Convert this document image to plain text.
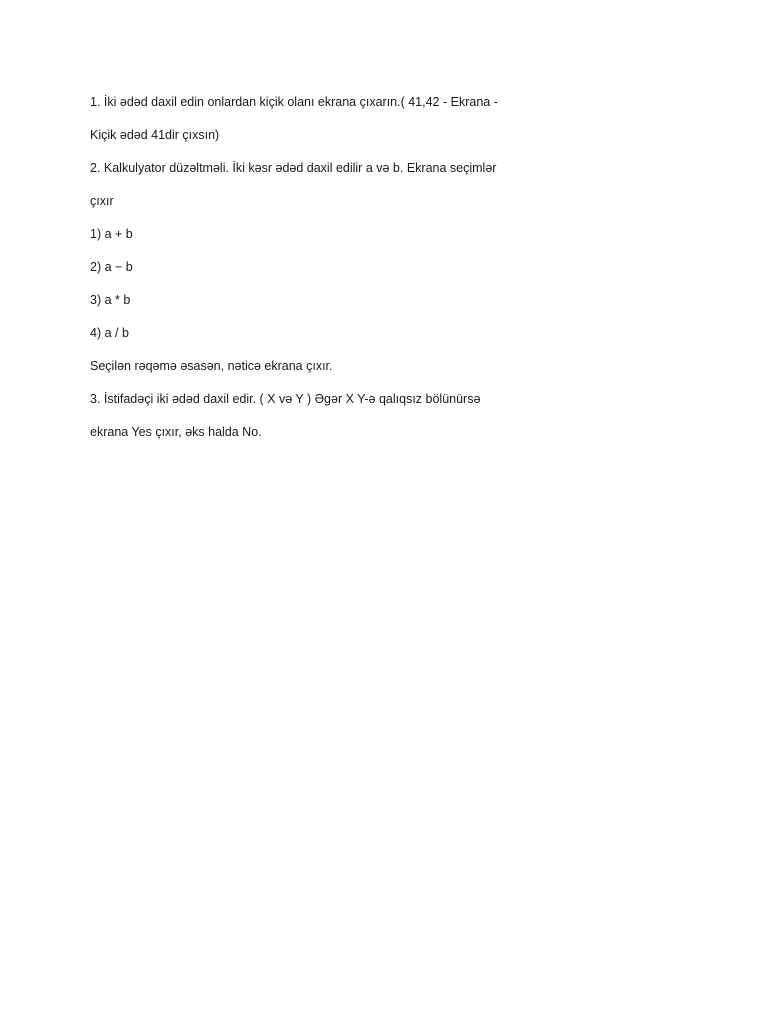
1. İki ədəd daxil edin onlardan kiçik olanı ekrana çıxarın.( 41,42 - Ekrana -
Kiçik ədəd 41dir çıxsın)
2. Kalkulyator düzəltməli. İki kəsr ədəd daxil edilir a və b. Ekrana seçimlər
çıxır
1) a + b
2) a − b
3) a * b
4) a / b
Seçilən rəqəmə əsasən, nəticə ekrana çıxır.
3. İstifadəçi iki ədəd daxil edir. ( X və Y ) Əgər X Y-ə qalıqsız bölünürsə
ekrana Yes çıxır, əks halda No.
